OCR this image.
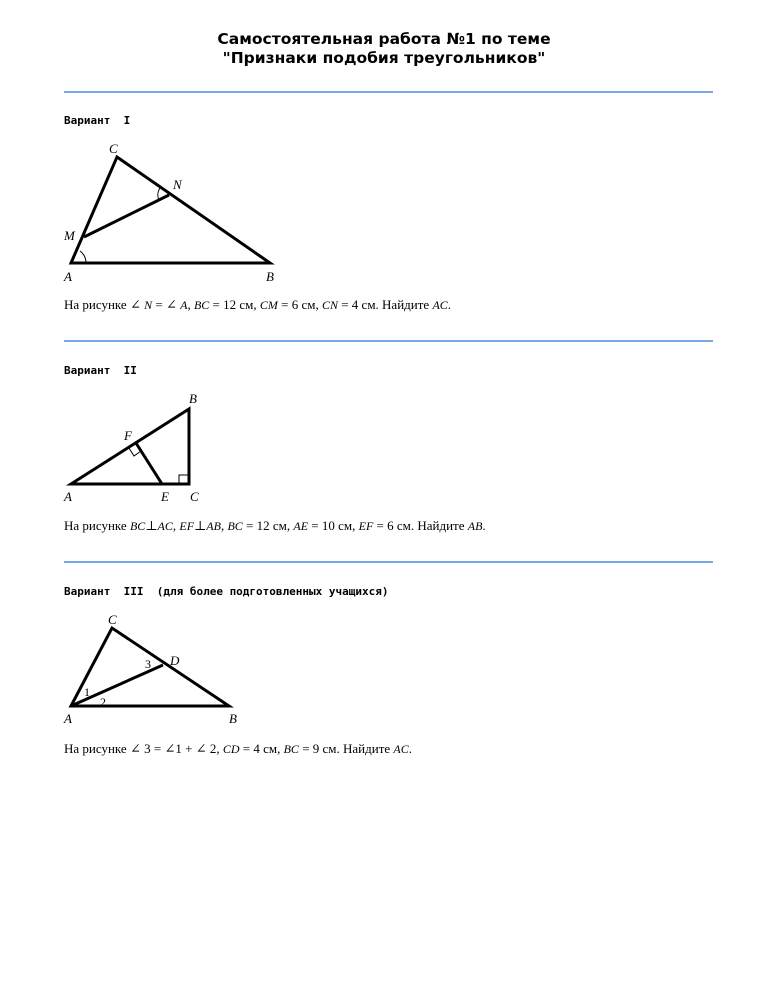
Самостоятельная работа №1 по теме
"Признаки подобия треугольников"
Вариант  I
C
N
M
A	B
B
F
A	E C
C
D
3
1
2
A	B
На рисунке ∠ N = ∠ A, BC = 12 см, CM = 6 см, CN = 4 см. Найдите AC.
Вариант  II
На рисунке BC⊥AC, EF⊥AB, BC = 12 см, AE = 10 см, EF = 6 см. Найдите AB.
Вариант  III  (для более подготовленных учащихся)
На рисунке ∠ 3 = ∠1 + ∠ 2, CD = 4 см, BC = 9 см. Найдите AC.
